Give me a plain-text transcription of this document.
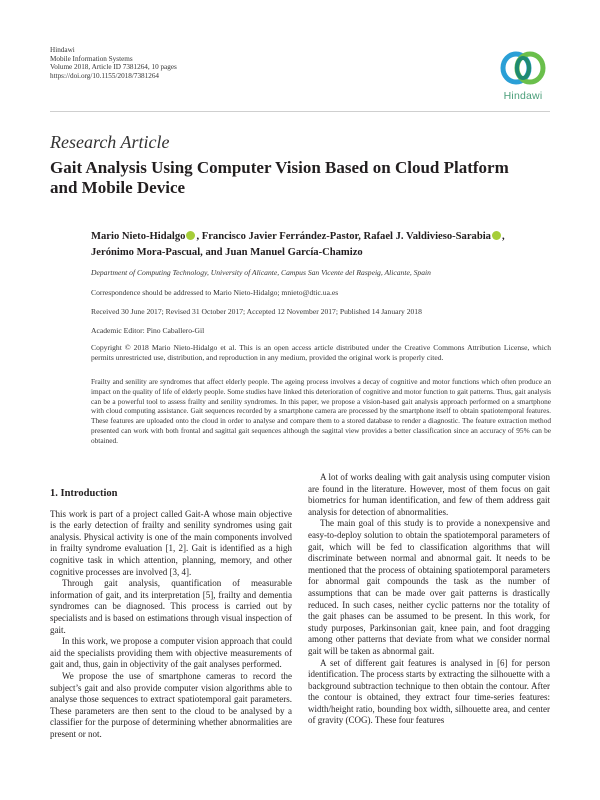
Hindawi
Mobile Information Systems
Volume 2018, Article ID 7381264, 10 pages
https://doi.org/10.1155/2018/7381264
Hindawi
Research Article
Gait Analysis Using Computer Vision Based on Cloud Platform and Mobile Device
Mario Nieto-Hidalgo , Francisco Javier Ferrández-Pastor, Rafael J. Valdivieso-Sarabia ,
Jerónimo Mora-Pascual, and Juan Manuel García-Chamizo
Department of Computing Technology, University of Alicante, Campus San Vicente del Raspeig, Alicante, Spain
Correspondence should be addressed to Mario Nieto-Hidalgo; mnieto@dtic.ua.es
Received 30 June 2017; Revised 31 October 2017; Accepted 12 November 2017; Published 14 January 2018
Academic Editor: Pino Caballero-Gil
Copyright © 2018 Mario Nieto-Hidalgo et al. This is an open access article distributed under the Creative Commons Attribution License, which permits unrestricted use, distribution, and reproduction in any medium, provided the original work is properly cited.
Frailty and senility are syndromes that affect elderly people. The ageing process involves a decay of cognitive and motor functions which often produce an impact on the quality of life of elderly people. Some studies have linked this deterioration of cognitive and motor function to gait patterns. Thus, gait analysis can be a powerful tool to assess frailty and senility syndromes. In this paper, we propose a vision-based gait analysis approach performed on a smartphone with cloud computing assistance. Gait sequences recorded by a smartphone camera are processed by the smartphone itself to obtain spatiotemporal features. These features are uploaded onto the cloud in order to analyse and compare them to a stored database to render a diagnostic. The feature extraction method presented can work with both frontal and sagittal gait sequences although the sagittal view provides a better classification since an accuracy of 95% can be obtained.
1. Introduction

This work is part of a project called Gait-A whose main objective is the early detection of frailty and senility syndromes using gait analysis. Physical activity is one of the main components involved in frailty syndrome evaluation [1, 2]. Gait is identified as a high cognitive task in which attention, planning, memory, and other cognitive processes are involved [3, 4].

Through gait analysis, quantification of measurable information of gait, and its interpretation [5], frailty and dementia syndromes can be diagnosed. This process is carried out by specialists and is based on estimations through visual inspection of gait.

In this work, we propose a computer vision approach that could aid the specialists providing them with objective measurements of gait and, thus, gain in objectivity of the gait analyses performed.

We propose the use of smartphone cameras to record the subject’s gait and also provide computer vision algorithms able to analyse those sequences to extract spatiotemporal gait parameters. These parameters are then sent to the cloud to be analysed by a classifier for the purpose of determining whether abnormalities are present or not.

A lot of works dealing with gait analysis using computer vision are found in the literature. However, most of them focus on gait biometrics for human identification, and few of them address gait analysis for detection of abnormalities.

The main goal of this study is to provide a nonexpensive and easy-to-deploy solution to obtain the spatiotemporal parameters of gait, which will be fed to classification algorithms that will discriminate between normal and abnormal gait. It needs to be mentioned that the process of obtaining spatiotemporal parameters for abnormal gait compounds the task as the number of assumptions that can be made over gait patterns is drastically reduced. In such cases, neither cyclic patterns nor the totality of the gait phases can be assumed to be present. In this work, for study purposes, Parkinsonian gait, knee pain, and foot dragging among other patterns that deviate from what we consider normal gait will be taken as abnormal gait.

A set of different gait features is analysed in [6] for person identification. The process starts by extracting the silhouette with a background subtraction technique to then obtain the contour. After the contour is obtained, they extract four time-series features: width/height ratio, bounding box width, silhouette area, and center of gravity (COG). These four features
